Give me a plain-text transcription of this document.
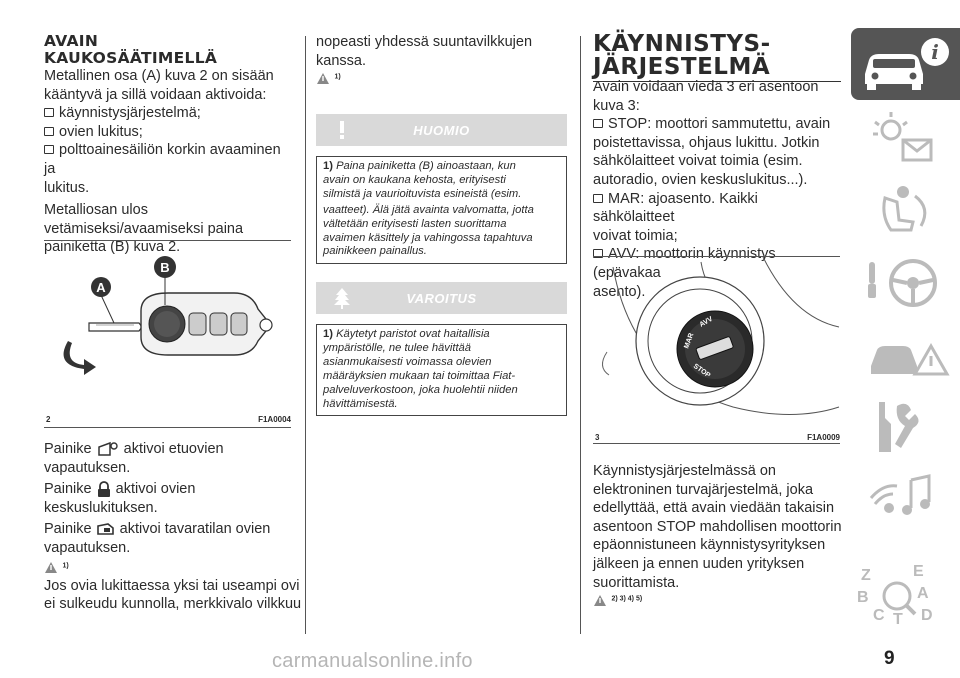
AVAIN

KAUKOSÄÄTIMELLÄ

Metallinen osa (A) kuva 2 on sisään

kääntyvä ja sillä voidaan aktivoida:

käynnistysjärjestelmä;

ovien lukitus;

polttoainesäiliön korkin avaaminen ja

lukitus.

Metalliosan ulos

vetämiseksi/avaamiseksi paina

painiketta (B) kuva 2.

A
B
2	F1A0004

Painike aktivoi etuovien

vapautuksen.

Painike aktivoi ovien

keskuslukituksen.

Painike aktivoi tavaratilan ovien

vapautuksen.

$^{1)}$

Jos ovia lukittaessa yksi tai useampi ovi

ei sulkeudu kunnolla, merkkivalo vilkkuu

nopeasti yhdessä suuntavilkkujen

kanssa.

$^{1)}$
HUOMIO

1) Paina painiketta (B) ainoastaan, kun

avain on kaukana kehosta, erityisesti

silmistä ja vaurioituvista esineistä (esim.

vaatteet). Älä jätä avainta valvomatta, jotta

vältetään erityisesti lasten suorittama

avaimen käsittely ja vahingossa tapahtuva

painikkeen painallus.

VAROITUS

1) Käytetyt paristot ovat haitallisia

ympäristölle, ne tulee hävittää

asianmukaisesti voimassa olevien

määräyksien mukaan tai toimittaa Fiat-

palveluverkostoon, joka huolehtii niiden

hävittämisestä.

KÄYNNISTYS-

JÄRJESTELMÄ

Avain voidaan viedä 3 eri asentoon

kuva 3:

STOP: moottori sammutettu, avain

poistettavissa, ohjaus lukittu. Jotkin

sähkölaitteet voivat toimia (esim.

autoradio, ovien keskuslukitus...).

MAR: ajoasento. Kaikki sähkölaitteet

voivat toimia;

AVV: moottorin käynnistys (epävakaa

asento).

AVV
MAR
STOP
3	F1A0009

Käynnistysjärjestelmässä on

elektroninen turvajärjestelmä, joka

edellyttää, että avain viedään takaisin

asentoon STOP mahdollisen moottorin

epäonnistuneen käynnistysyrityksen

jälkeen ja ennen uuden yrityksen

suorittamista.

$^{2) 3) 4) 5)}$
i
Z	E
A
B
C T D
9
carmanualsonline.info
